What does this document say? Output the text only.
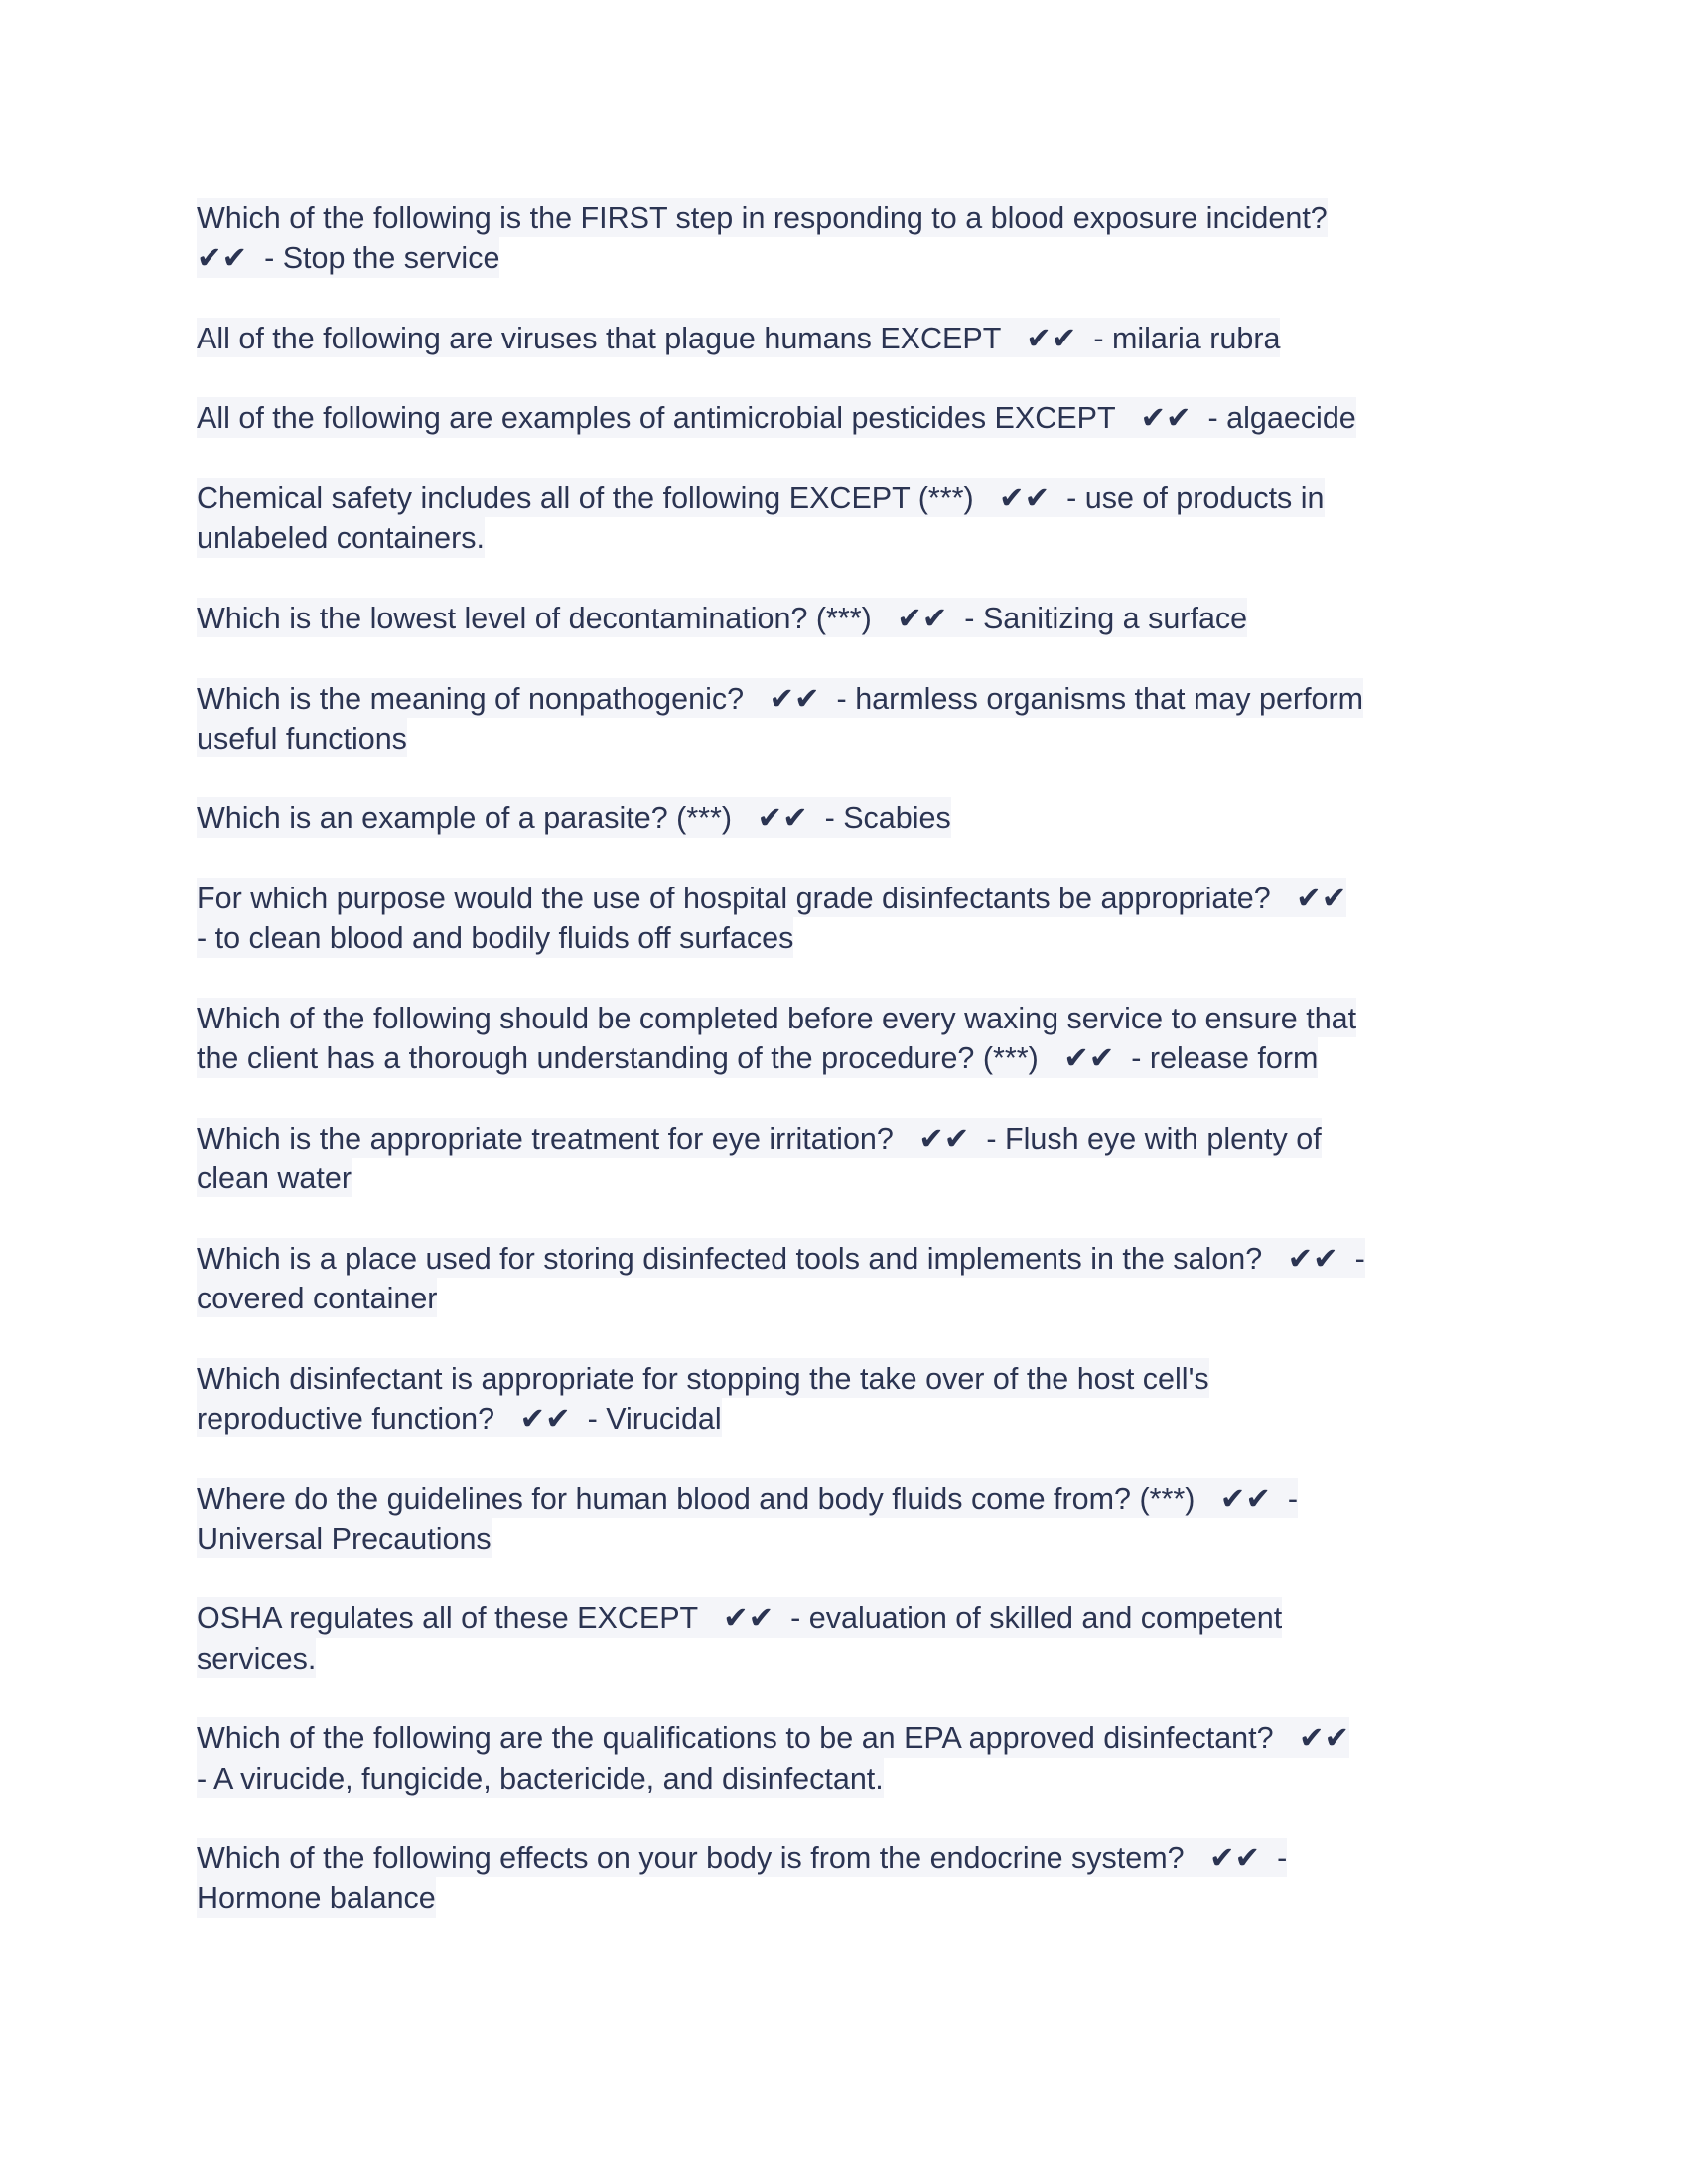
Which of the following is the FIRST step in responding to a blood exposure incident?
✔✔  - Stop the service
All of the following are viruses that plague humans EXCEPT   ✔✔  - milaria rubra
All of the following are examples of antimicrobial pesticides EXCEPT   ✔✔  - algaecide
Chemical safety includes all of the following EXCEPT (***)   ✔✔  - use of products in
unlabeled containers.
Which is the lowest level of decontamination? (***)   ✔✔  - Sanitizing a surface
Which is the meaning of nonpathogenic?   ✔✔  - harmless organisms that may perform
useful functions
Which is an example of a parasite? (***)   ✔✔  - Scabies
For which purpose would the use of hospital grade disinfectants be appropriate?   ✔✔
- to clean blood and bodily fluids off surfaces
Which of the following should be completed before every waxing service to ensure that
the client has a thorough understanding of the procedure? (***)   ✔✔  - release form
Which is the appropriate treatment for eye irritation?   ✔✔  - Flush eye with plenty of
clean water
Which is a place used for storing disinfected tools and implements in the salon?   ✔✔  -
covered container
Which disinfectant is appropriate for stopping the take over of the host cell's
reproductive function?   ✔✔  - Virucidal
Where do the guidelines for human blood and body fluids come from? (***)   ✔✔  -
Universal Precautions
OSHA regulates all of these EXCEPT   ✔✔  - evaluation of skilled and competent
services.
Which of the following are the qualifications to be an EPA approved disinfectant?   ✔✔
- A virucide, fungicide, bactericide, and disinfectant.
Which of the following effects on your body is from the endocrine system?   ✔✔  -
Hormone balance
